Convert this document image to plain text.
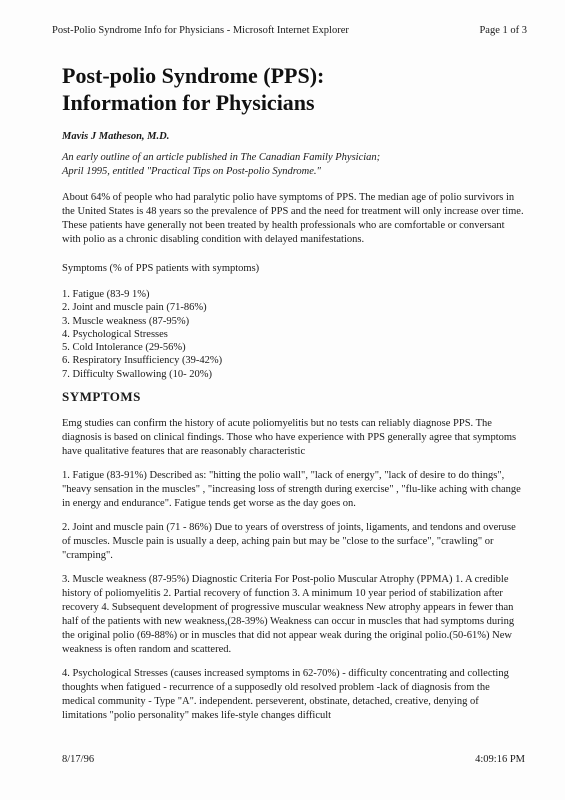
Post-Polio Syndrome Info for Physicians - Microsoft Internet Explorer	Page 1 of 3
Post-polio Syndrome (PPS):
Information for Physicians
Mavis J Matheson, M.D.
An early outline of an article published in The Canadian Family Physician;
April 1995, entitled "Practical Tips on Post-polio Syndrome."

About 64% of people who had paralytic polio have symptoms of PPS. The median age of polio survivors in the United States is 48 years so the prevalence of PPS and the need for treatment will only increase over time. These patients have generally not been treated by health professionals who are comfortable or conversant with polio as a chronic disabling condition with delayed manifestations.

Symptoms (% of PPS patients with symptoms)

1. Fatigue (83-9 1%)
2. Joint and muscle pain (71-86%)
3. Muscle weakness (87-95%)
4. Psychological Stresses
5. Cold Intolerance (29-56%)
6. Respiratory Insufficiency (39-42%)
7. Difficulty Swallowing (10- 20%)
SYMPTOMS

Emg studies can confirm the history of acute poliomyelitis but no tests can reliably diagnose PPS. The diagnosis is based on clinical findings. Those who have experience with PPS generally agree that symptoms have qualitative features that are reasonably characteristic

1. Fatigue (83-91%) Described as: "hitting the polio wall", "lack of energy", "lack of desire to do things", "heavy sensation in the muscles" , "increasing loss of strength during exercise" , "flu-like aching with change in energy and endurance". Fatigue tends get worse as the day goes on.

2. Joint and muscle pain (71 - 86%) Due to years of overstress of joints, ligaments, and tendons and overuse of muscles. Muscle pain is usually a deep, aching pain but may be "close to the surface", "crawling" or "cramping".

3. Muscle weakness (87-95%) Diagnostic Criteria For Post-polio Muscular Atrophy (PPMA) 1. A credible history of poliomyelitis 2. Partial recovery of function 3. A minimum 10 year period of stabilization after recovery 4. Subsequent development of progressive muscular weakness New atrophy appears in fewer than half of the patients with new weakness,(28-39%) Weakness can occur in muscles that had symptoms during the original polio (69-88%) or in muscles that did not appear weak during the original polio.(50-61%) New weakness is often random and scattered.

4. Psychological Stresses (causes increased symptoms in 62-70%) - difficulty concentrating and collecting thoughts when fatigued - recurrence of a supposedly old resolved problem -lack of diagnosis from the medical community - Type "A". independent. perseverent, obstinate, detached, creative, denying of limitations "polio personality" makes life-style changes difficult

8/17/96	4:09:16 PM
